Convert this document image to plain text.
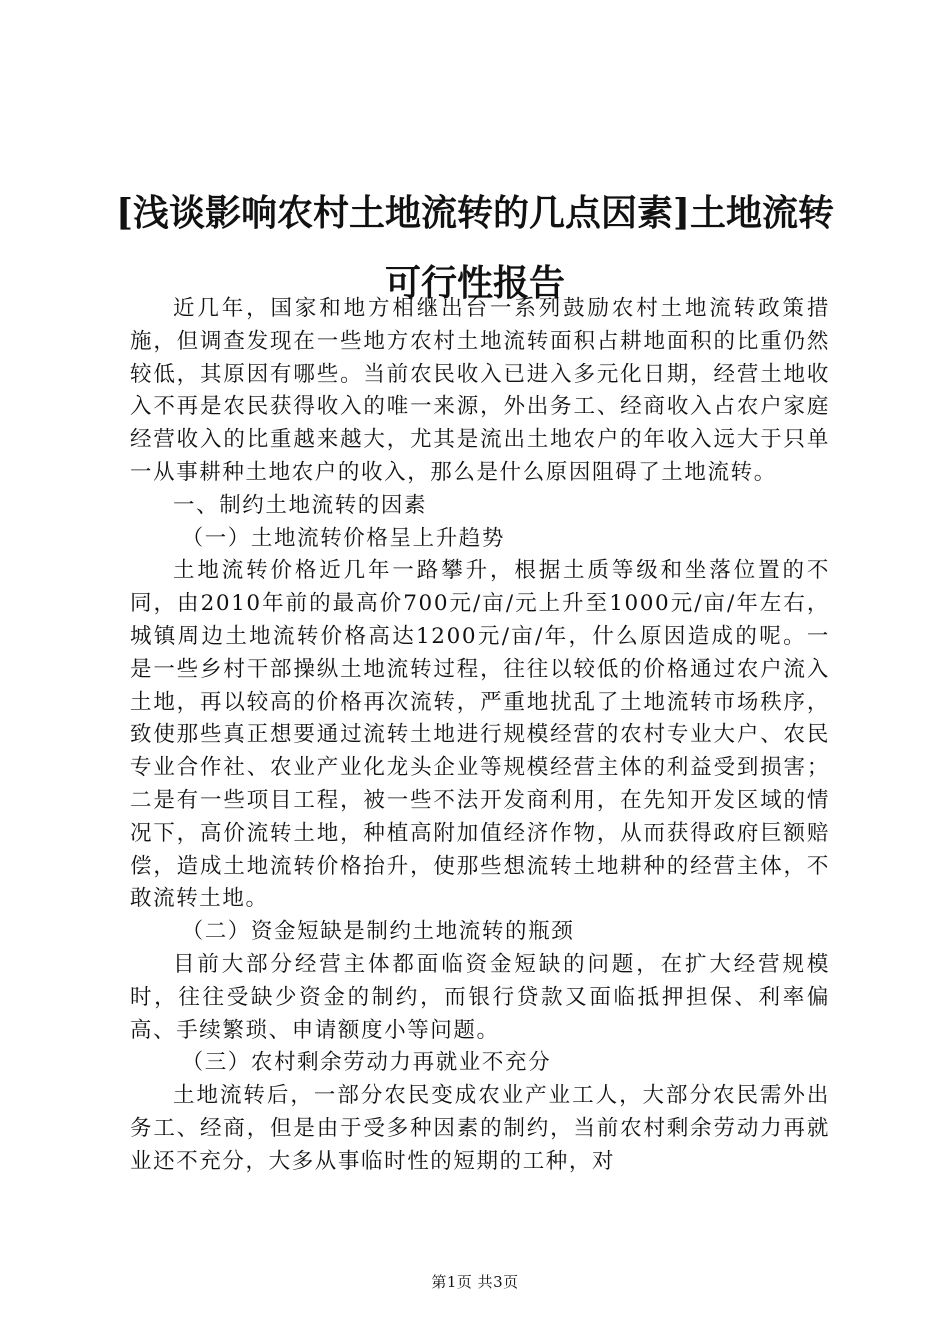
[浅谈影响农村土地流转的几点因素]土地流转可行性报告

近几年，国家和地方相继出台一系列鼓励农村土地流转政策措施，但调查发现在一些地方农村土地流转面积占耕地面积的比重仍然较低，其原因有哪些。当前农民收入已进入多元化日期，经营土地收入不再是农民获得收入的唯一来源，外出务工、经商收入占农户家庭经营收入的比重越来越大，尤其是流出土地农户的年收入远大于只单一从事耕种土地农户的收入，那么是什么原因阻碍了土地流转。

一、制约土地流转的因素

（一）土地流转价格呈上升趋势

土地流转价格近几年一路攀升，根据土质等级和坐落位置的不同，由2010年前的最高价700元/亩/元上升至1000元/亩/年左右，城镇周边土地流转价格高达1200元/亩/年，什么原因造成的呢。一是一些乡村干部操纵土地流转过程，往往以较低的价格通过农户流入土地，再以较高的价格再次流转，严重地扰乱了土地流转市场秩序，致使那些真正想要通过流转土地进行规模经营的农村专业大户、农民专业合作社、农业产业化龙头企业等规模经营主体的利益受到损害；二是有一些项目工程，被一些不法开发商利用，在先知开发区域的情况下，高价流转土地，种植高附加值经济作物，从而获得政府巨额赔偿，造成土地流转价格抬升，使那些想流转土地耕种的经营主体，不敢流转土地。

（二）资金短缺是制约土地流转的瓶颈

目前大部分经营主体都面临资金短缺的问题，在扩大经营规模时，往往受缺少资金的制约，而银行贷款又面临抵押担保、利率偏高、手续繁琐、申请额度小等问题。

（三）农村剩余劳动力再就业不充分

土地流转后，一部分农民变成农业产业工人，大部分农民需外出务工、经商，但是由于受多种因素的制约，当前农村剩余劳动力再就业还不充分，大多从事临时性的短期的工种，对

第1页 共3页
